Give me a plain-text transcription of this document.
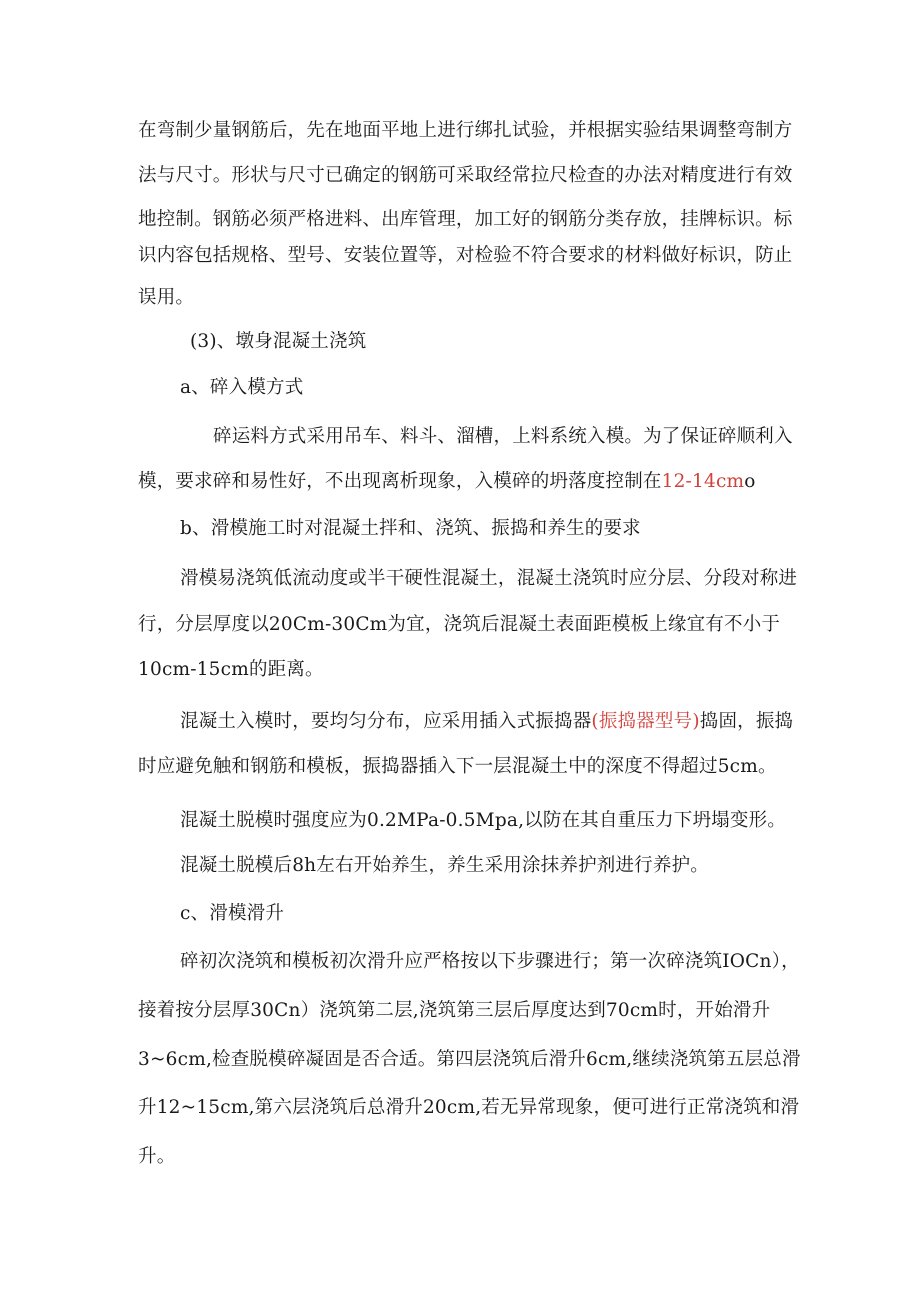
在弯制少量钢筋后，先在地面平地上进行绑扎试验，并根据实验结果调整弯制方
法与尺寸。形状与尺寸已确定的钢筋可采取经常拉尺检查的办法对精度进行有效
地控制。钢筋必须严格进料、出库管理，加工好的钢筋分类存放，挂牌标识。标
识内容包括规格、型号、安装位置等，对检验不符合要求的材料做好标识，防止
误用。
(3)、墩身混凝土浇筑
a、碎入模方式
碎运料方式采用吊车、料斗、溜槽，上料系统入模。为了保证碎顺利入
模，要求碎和易性好，不出现离析现象，入模碎的坍落度控制在12-14cmo
b、滑模施工时对混凝土拌和、浇筑、振捣和养生的要求
滑模易浇筑低流动度或半干硬性混凝土，混凝土浇筑时应分层、分段对称进
行，分层厚度以20Cm-30Cm为宜，浇筑后混凝土表面距模板上缘宜有不小于
10cm-15cm的距离。
混凝土入模时，要均匀分布，应采用插入式振捣器(振捣器型号)捣固，振捣
时应避免触和钢筋和模板，振捣器插入下一层混凝土中的深度不得超过5cm。
混凝土脱模时强度应为0.2MPa-0.5Mpa,以防在其自重压力下坍塌变形。
混凝土脱模后8h左右开始养生，养生采用涂抹养护剂进行养护。
c、滑模滑升
碎初次浇筑和模板初次滑升应严格按以下步骤进行；第一次碎浇筑IOCn），
接着按分层厚30Cn）浇筑第二层,浇筑第三层后厚度达到70cm时，开始滑升
3~6cm,检查脱模碎凝固是否合适。第四层浇筑后滑升6cm,继续浇筑第五层总滑
升12~15cm,第六层浇筑后总滑升20cm,若无异常现象，便可进行正常浇筑和滑
升。
